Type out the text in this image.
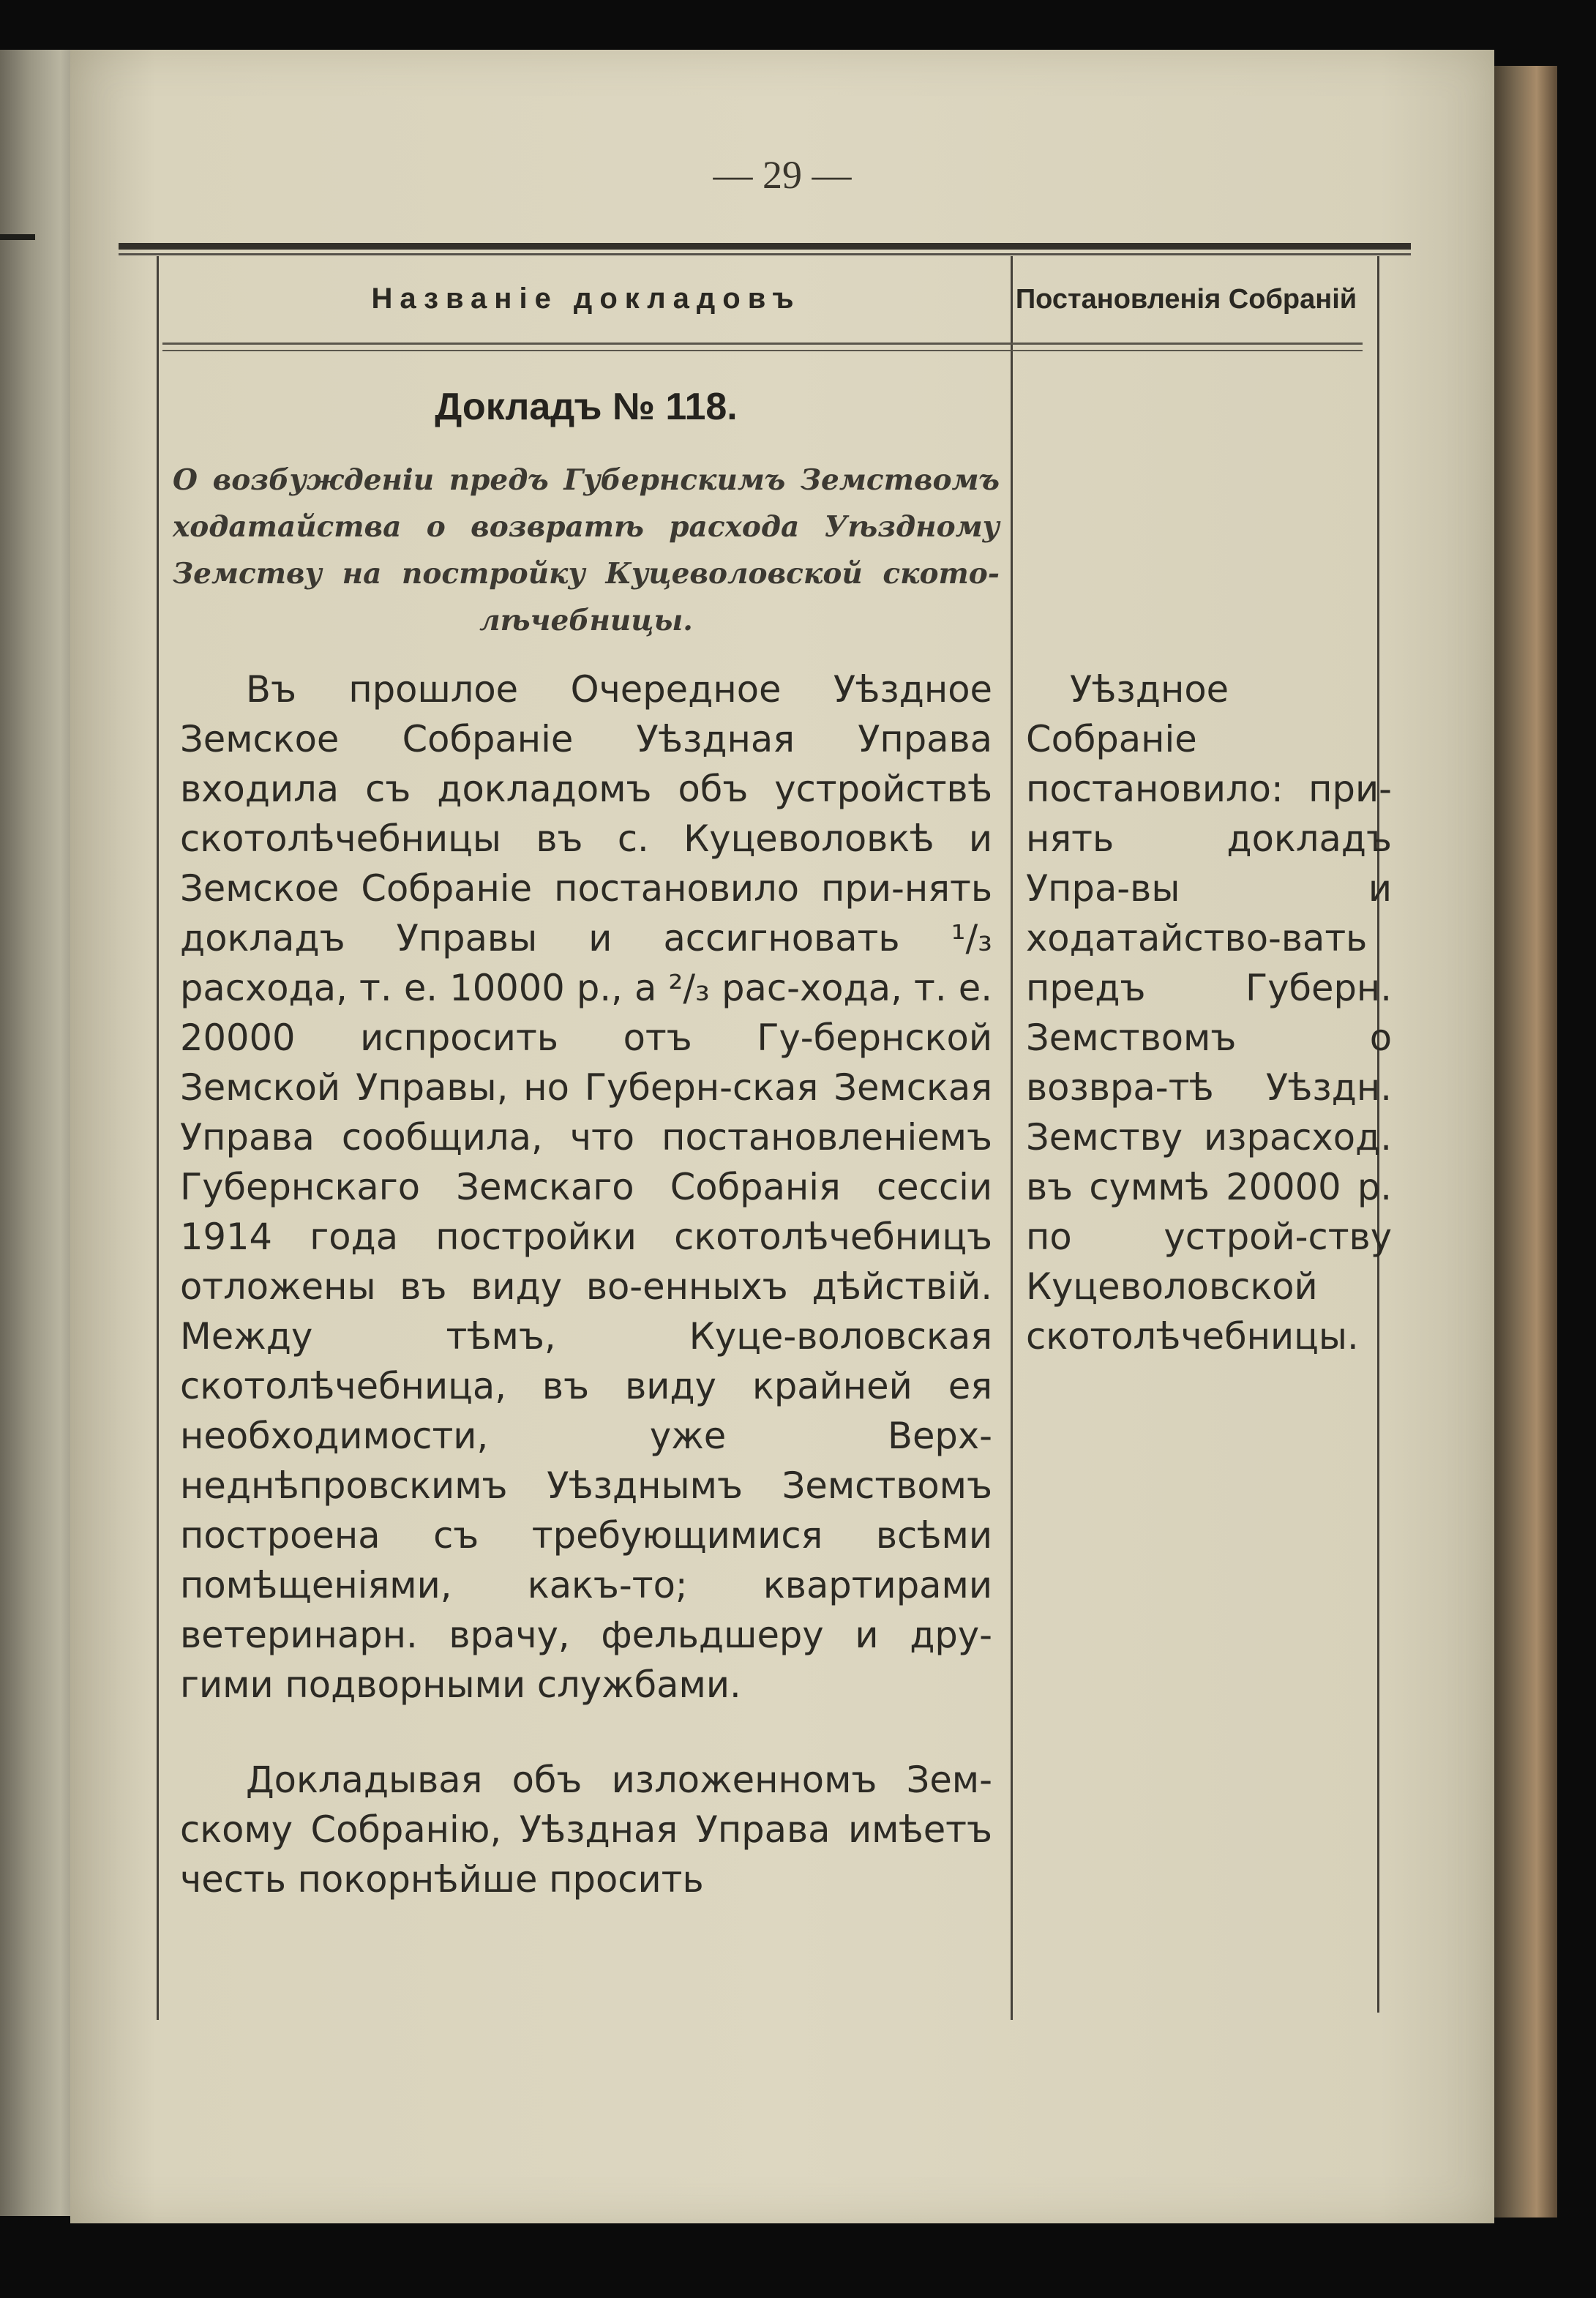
— 29 —
Названіе докладовъ	Постановленія Собраній
Докладъ № 118.
О возбужденіи предъ Губернскимъ Земствомъ ходатайства о возвратѣ расхода Уѣздному Земству на постройку Куцеволовской ското-лѣчебницы.
Въ прошлое Очередное Уѣздное Земское Собраніе Уѣздная Управа входила съ докладомъ объ устройствѣ скотолѣчебницы въ с. Куцеволовкѣ и Земское Собраніе постановило при-нять докладъ Управы и ассигновать ¹/₃ расхода, т. е. 10000 р., а ²/₃ рас-хода, т. е. 20000 испросить отъ Гу-бернской Земской Управы, но Губерн-ская Земская Управа сообщила, что постановленіемъ Губернскаго Земскаго Собранія сессіи 1914 года постройки скотолѣчебницъ отложены въ виду во-енныхъ дѣйствій. Между тѣмъ, Куце-воловская скотолѣчебница, въ виду крайней ея необходимости, уже Верх-неднѣпровскимъ Уѣзднымъ Земствомъ построена съ требующимися всѣми помѣщеніями, какъ-то; квартирами ветеринарн. врачу, фельдшеру и дру-гими подворными службами.
Докладывая объ изложенномъ Зем-скому Собранію, Уѣздная Управа имѣетъ честь покорнѣйше просить
Уѣздное Собраніе постановило: при-нять докладъ Упра-вы и ходатайство-вать предъ Губерн. Земствомъ о возвра-тѣ Уѣздн. Земству израсход. въ суммѣ 20000 р. по устрой-ству Куцеволовской скотолѣчебницы.
